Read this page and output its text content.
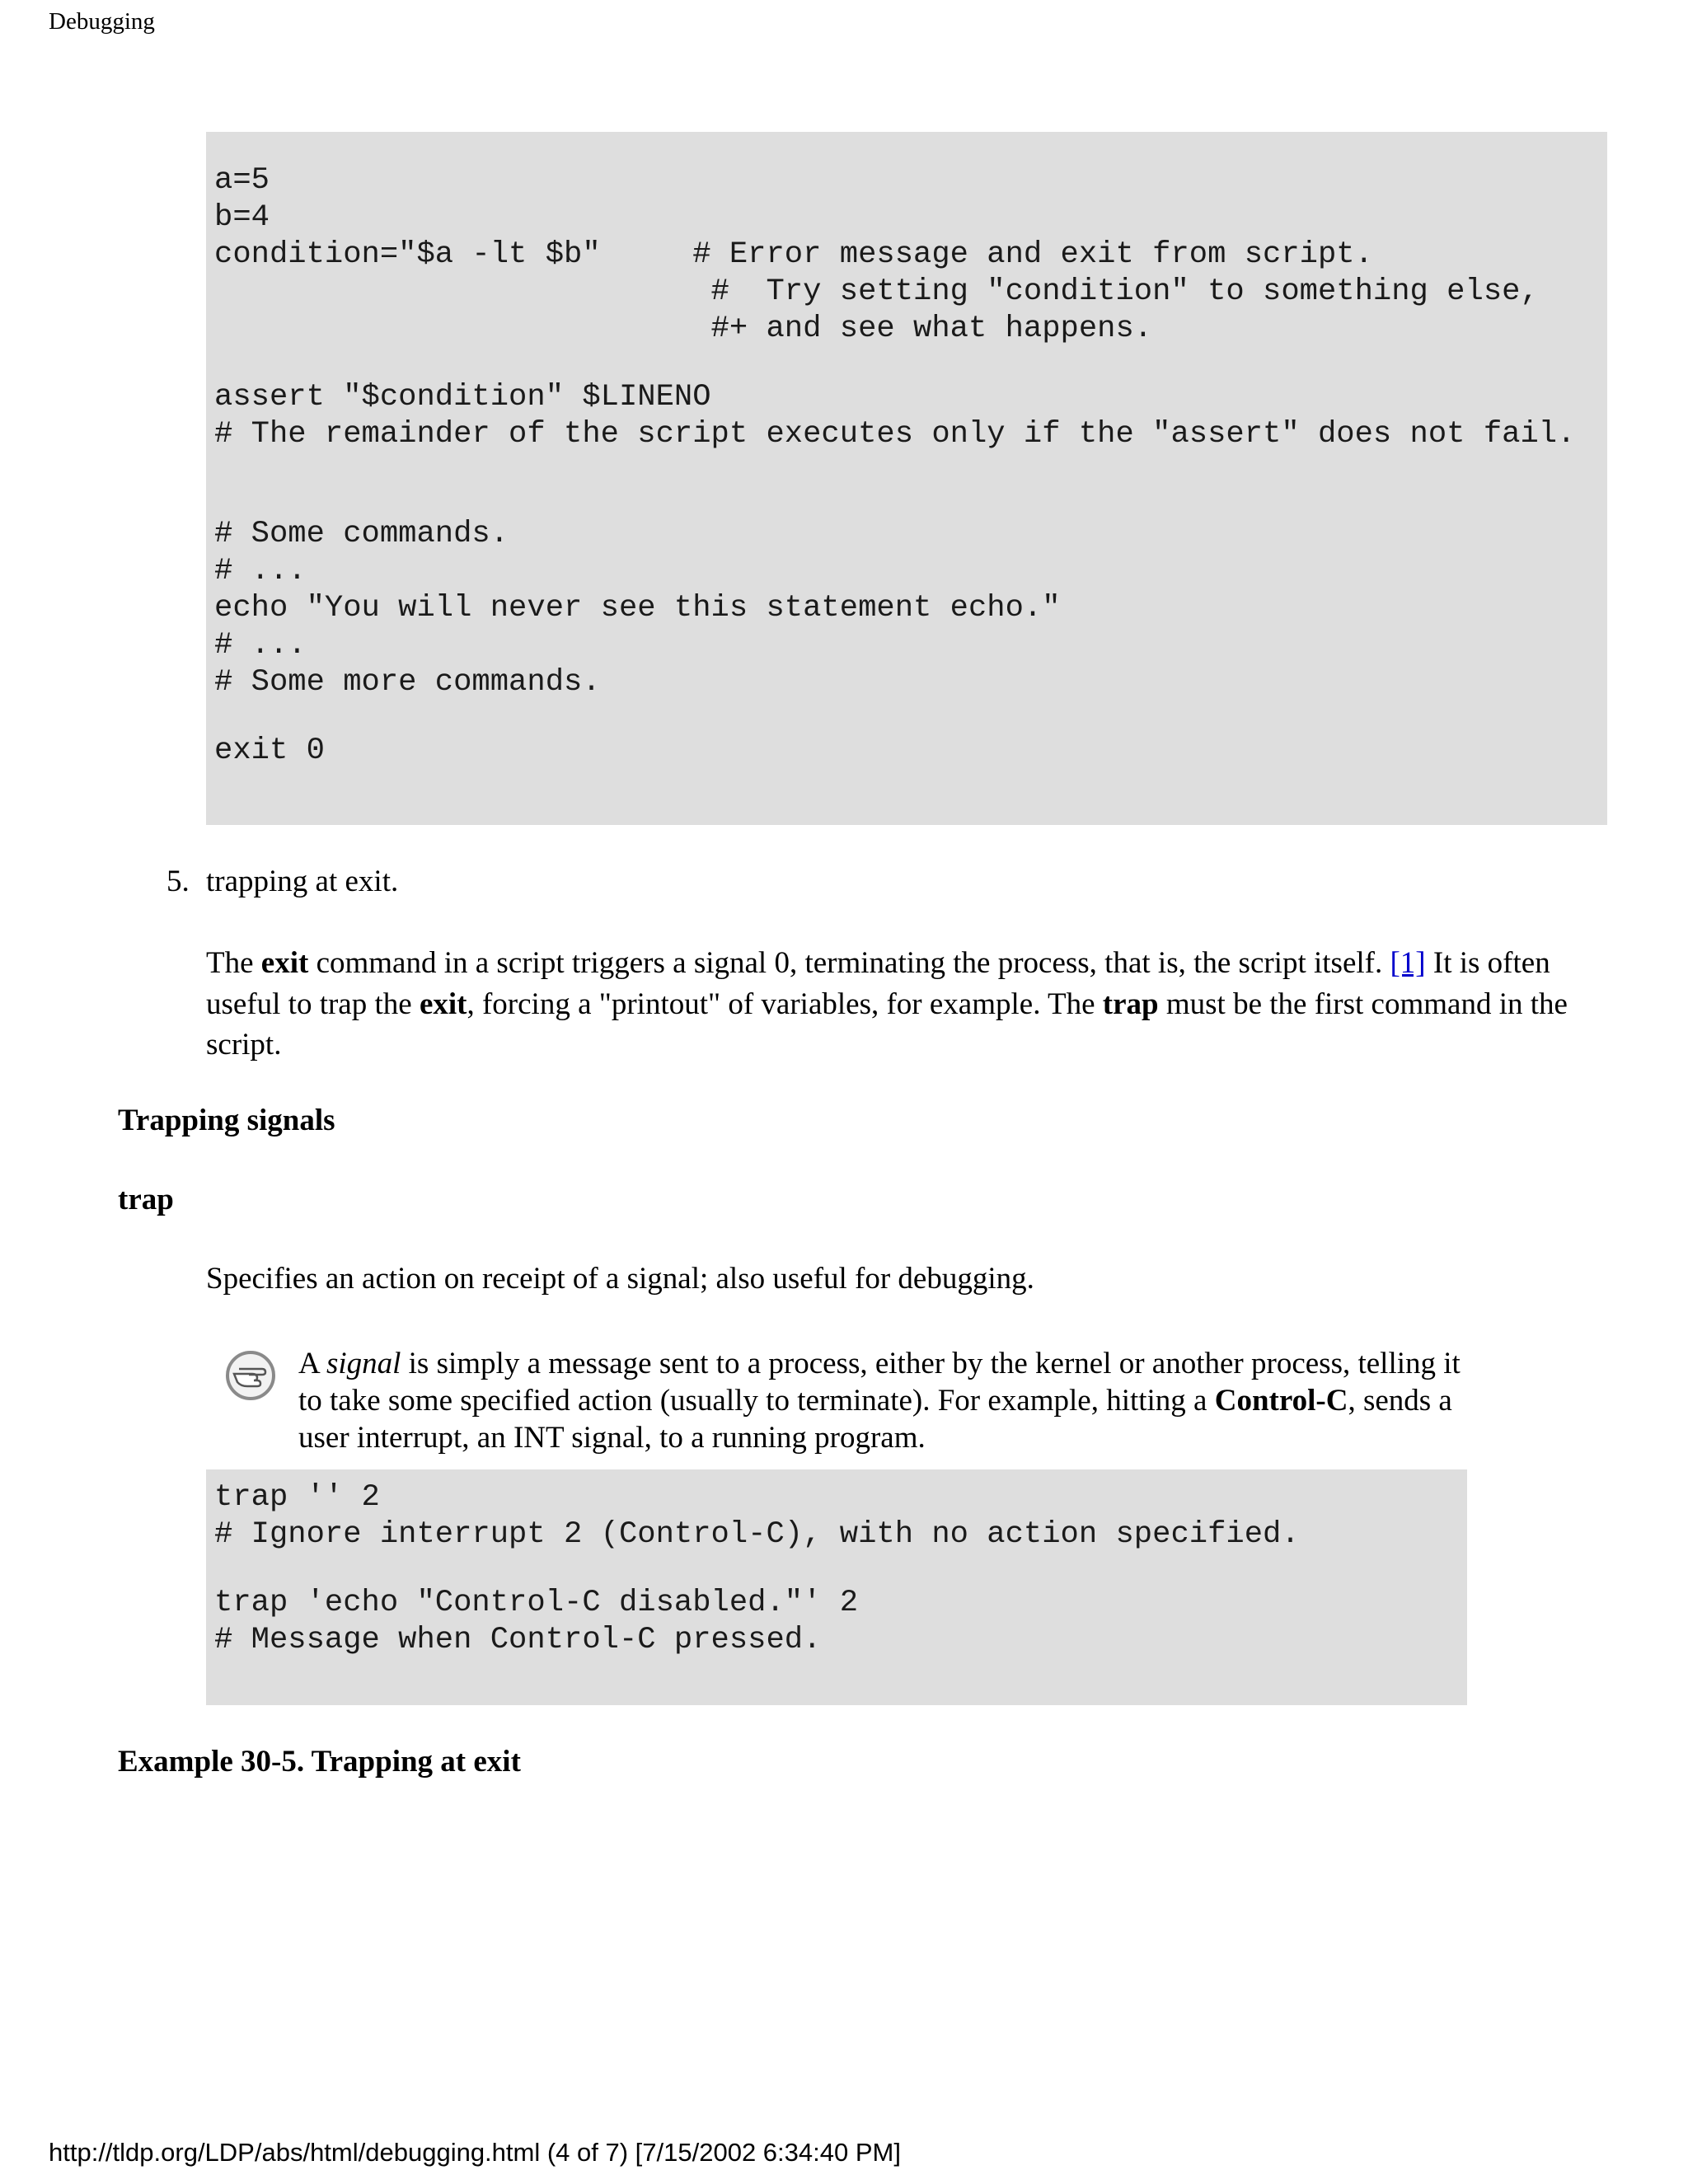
Debugging
a=5
b=4
condition="$a -lt $b"     # Error message and exit from script.
#  Try setting "condition" to something else,
#+ and see what happens.
assert "$condition" $LINENO
# The remainder of the script executes only if the "assert" does not fail.
# Some commands.
# ...
echo "You will never see this statement echo."
# ...
# Some more commands.
exit 0
5. trapping at exit.
The exit command in a script triggers a signal 0, terminating the process, that is, the script itself. [1] It is often useful to trap the exit, forcing a "printout" of variables, for example. The trap must be the first command in the script.
Trapping signals
trap
Specifies an action on receipt of a signal; also useful for debugging.
A signal is simply a message sent to a process, either by the kernel or another process, telling it to take some specified action (usually to terminate). For example, hitting a Control-C, sends a user interrupt, an INT signal, to a running program.
trap '' 2
# Ignore interrupt 2 (Control-C), with no action specified.
trap 'echo "Control-C disabled."' 2
# Message when Control-C pressed.
Example 30-5. Trapping at exit
http://tldp.org/LDP/abs/html/debugging.html (4 of 7) [7/15/2002 6:34:40 PM]
